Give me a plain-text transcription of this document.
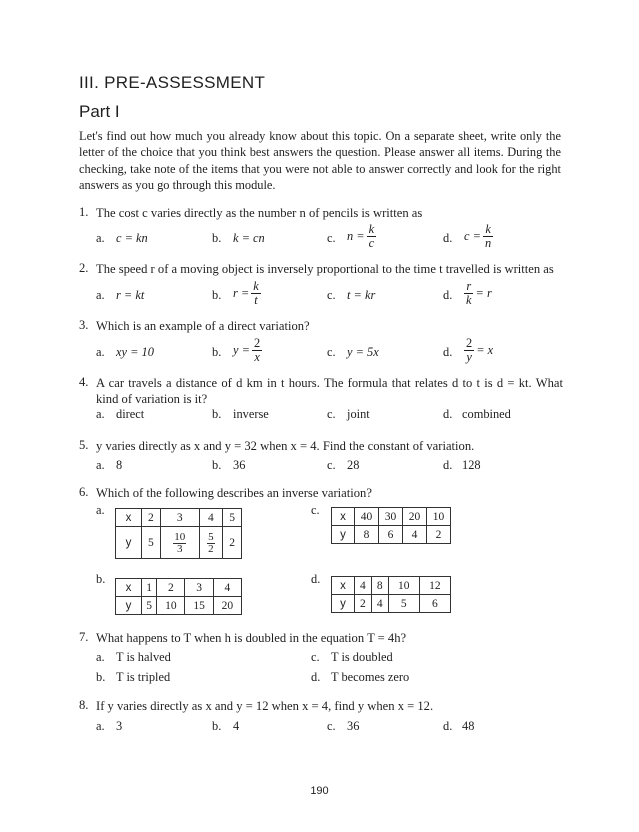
III. PRE-ASSESSMENT
Part I
Let's find out how much you already know about this topic. On a separate sheet, write only the letter of the choice that you think best answers the question. Please answer all items. During the checking, take note of the items that you were not able to answer correctly and look for the right answers as you go through this module.
1. The cost c varies directly as the number n of pencils is written as
a. c = kn	b. k = cn	c. $n = \frac{k}{c}$	d. $c = \frac{k}{n}$
2. The speed r of a moving object is inversely proportional to the time t travelled is written as
a. r = kt	b. $r = \frac{k}{t}$	c. t = kr	d. $\frac{r}{k} = r$
3. Which is an example of a direct variation?
a. xy = 10	b. $y = \frac{2}{x}$	c. y = 5x	d. $\frac{2}{y} = x$
4. A car travels a distance of d km in t hours. The formula that relates d to t is d = kt. What kind of variation is it?
a. direct	b. inverse	c. joint	d. combined
5. y varies directly as x and y = 32 when x = 4. Find the constant of variation.
a. 8	b. 36	c. 28	d. 128
6. Which of the following describes an inverse variation?
a.
x	2	3	4	5
y	5	$\frac{10}{3}$	$\frac{5}{2}$	2
c. x	40	30	20	10
y	8	6	4	2
b.
x	1	2	3	4
y	5	10	15	20
d. x	4	8	10	12
y	2	4	5	6
7. What happens to T when h is doubled in the equation T = 4h?
a. T is halved
b. T is tripled
c. T is doubled
d. T becomes zero
8. If y varies directly as x and y = 12 when x = 4, find y when x = 12.
a. 3	b. 4	c. 36	d. 48
190
